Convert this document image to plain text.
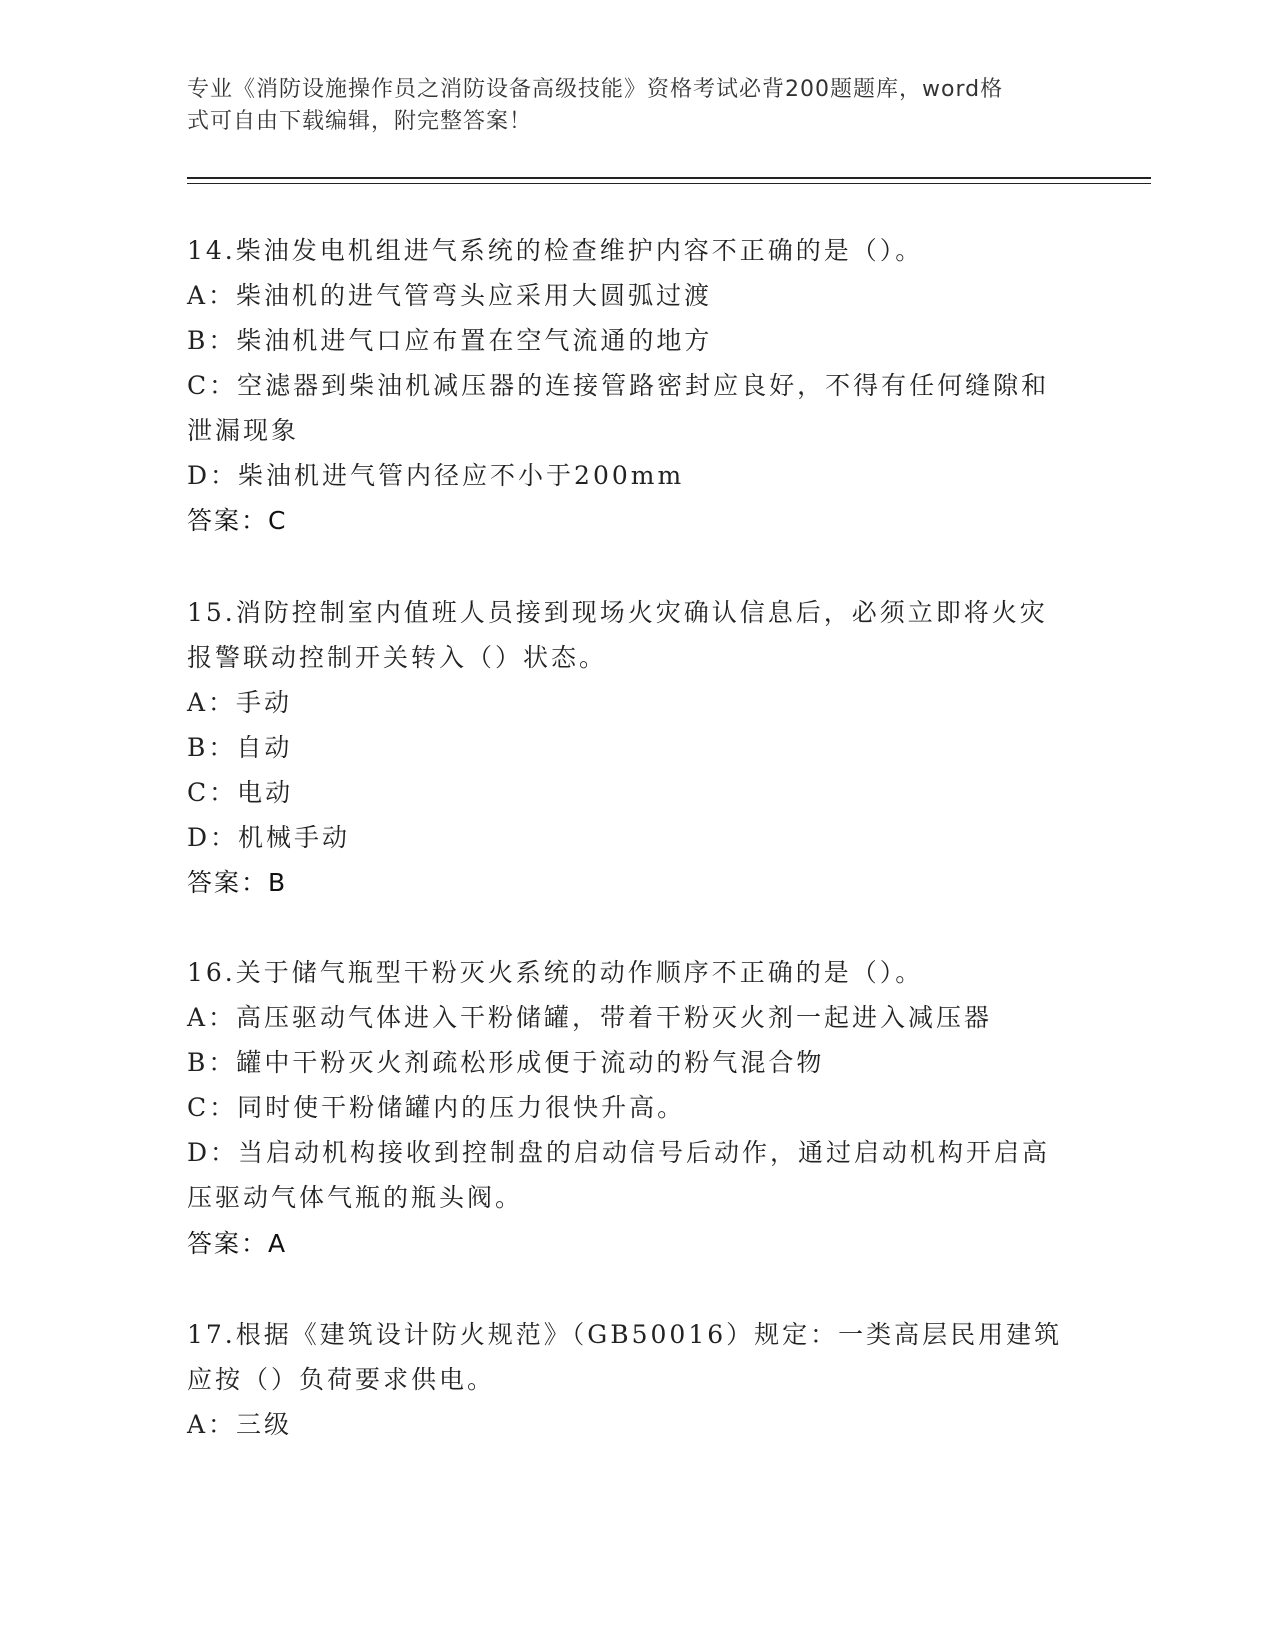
专业《消防设施操作员之消防设备高级技能》资格考试必背200题题库，word格
式可自由下载编辑，附完整答案！
14.柴油发电机组进气系统的检查维护内容不正确的是（）。
A：柴油机的进气管弯头应采用大圆弧过渡
B：柴油机进气口应布置在空气流通的地方
C：空滤器到柴油机减压器的连接管路密封应良好，不得有任何缝隙和
泄漏现象
D：柴油机进气管内径应不小于200mm
答案：C
15.消防控制室内值班人员接到现场火灾确认信息后，必须立即将火灾
报警联动控制开关转入（）状态。
A：手动
B：自动
C：电动
D：机械手动
答案：B
16.关于储气瓶型干粉灭火系统的动作顺序不正确的是（）。
A：高压驱动气体进入干粉储罐，带着干粉灭火剂一起进入减压器
B：罐中干粉灭火剂疏松形成便于流动的粉气混合物
C：同时使干粉储罐内的压力很快升高。
D：当启动机构接收到控制盘的启动信号后动作，通过启动机构开启高
压驱动气体气瓶的瓶头阀。
答案：A
17.根据《建筑设计防火规范》（GB50016）规定：一类高层民用建筑
应按（）负荷要求供电。
A：三级
